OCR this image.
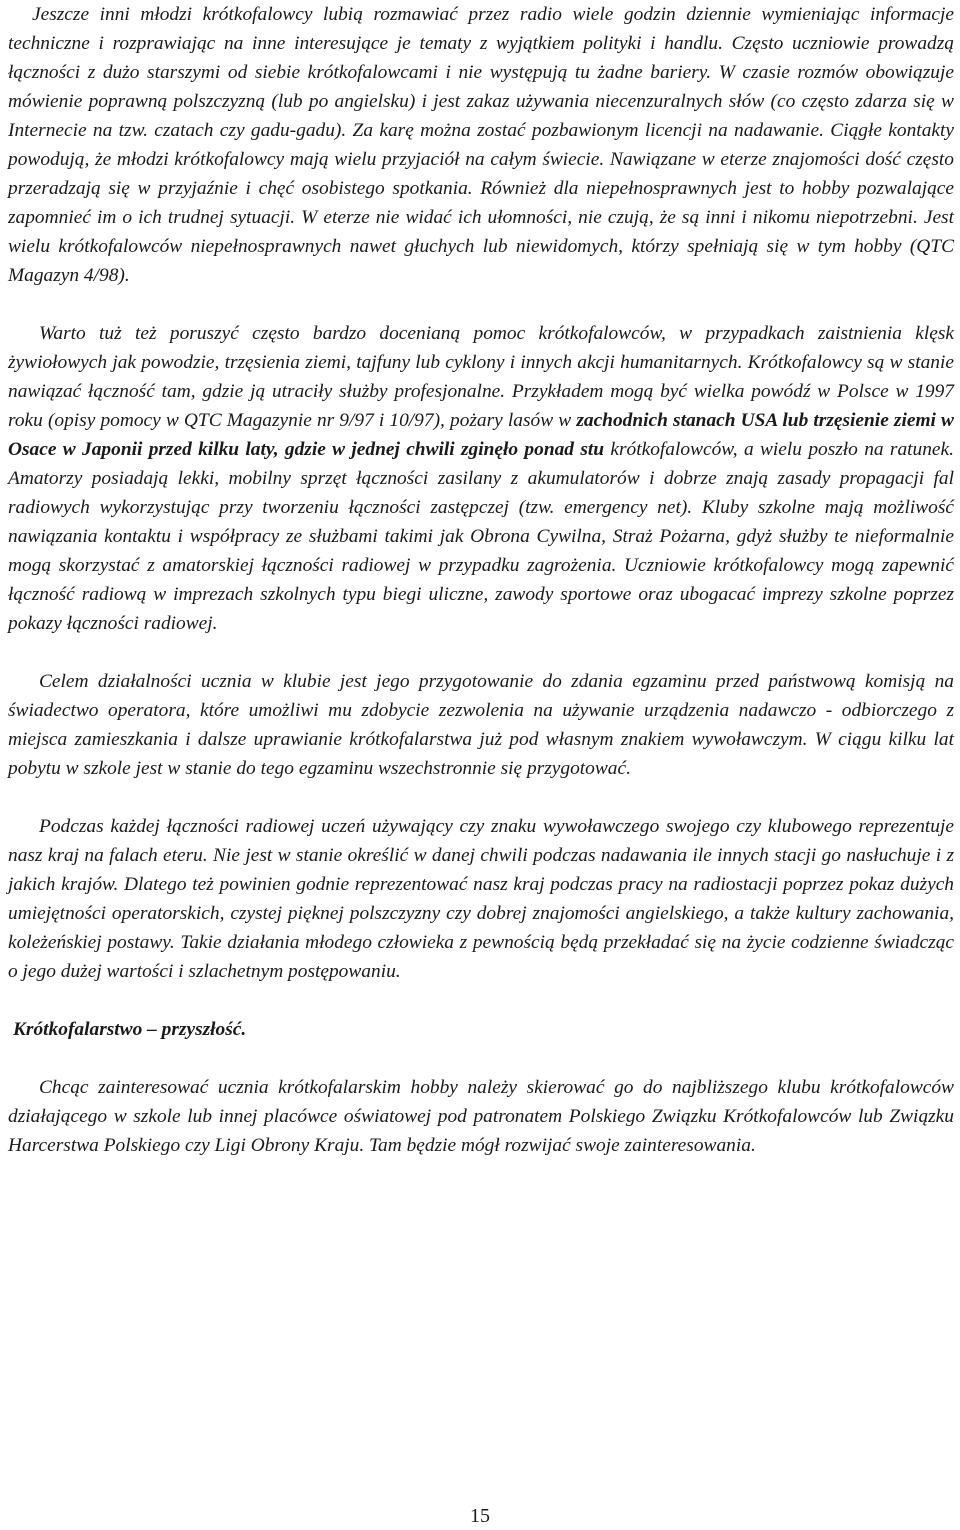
Jeszcze inni młodzi krótkofalowcy lubią rozmawiać przez radio wiele godzin dziennie wymieniając informacje techniczne i rozprawiając na inne interesujące je tematy z wyjątkiem polityki i handlu. Często uczniowie prowadzą łączności z dużo starszymi od siebie krótkofalowcami i nie występują tu żadne bariery. W czasie rozmów obowiązuje mówienie poprawną polszczyzną (lub po angielsku) i jest zakaz używania niecenzuralnych słów (co często zdarza się w Internecie na tzw. czatach czy gadu-gadu). Za karę można zostać pozbawionym licencji na nadawanie. Ciągłe kontakty powodują, że młodzi krótkofalowcy mają wielu przyjaciół na całym świecie. Nawiązane w eterze znajomości dość często przeradzają się w przyjaźnie i chęć osobistego spotkania. Również dla niepełnosprawnych jest to hobby pozwalające zapomnieć im o ich trudnej sytuacji. W eterze nie widać ich ułomności, nie czują, że są inni i nikomu niepotrzebni. Jest wielu krótkofalowców niepełnosprawnych nawet głuchych lub niewidomych, którzy spełniają się w tym hobby (QTC Magazyn 4/98).

Warto tuż też poruszyć często bardzo docenianą pomoc krótkofalowców, w przypadkach zaistnienia klęsk żywiołowych jak powodzie, trzęsienia ziemi, tajfuny lub cyklony i innych akcji humanitarnych. Krótkofalowcy są w stanie nawiązać łączność tam, gdzie ją utraciły służby profesjonalne. Przykładem mogą być wielka powódź w Polsce w 1997 roku (opisy pomocy w QTC Magazynie nr 9/97 i 10/97), pożary lasów w zachodnich stanach USA lub trzęsienie ziemi w Osace w Japonii przed kilku laty, gdzie w jednej chwili zginęło ponad stu krótkofalowców, a wielu poszło na ratunek. Amatorzy posiadają lekki, mobilny sprzęt łączności zasilany z akumulatorów i dobrze znają zasady propagacji fal radiowych wykorzystując przy tworzeniu łączności zastępczej (tzw. emergency net). Kluby szkolne mają możliwość nawiązania kontaktu i współpracy ze służbami takimi jak Obrona Cywilna, Straż Pożarna, gdyż służby te nieformalnie mogą skorzystać z amatorskiej łączności radiowej w przypadku zagrożenia. Uczniowie krótkofalowcy mogą zapewnić łączność radiową w imprezach szkolnych typu biegi uliczne, zawody sportowe oraz ubogacać imprezy szkolne poprzez pokazy łączności radiowej.

Celem działalności ucznia w klubie jest jego przygotowanie do zdania egzaminu przed państwową komisją na świadectwo operatora, które umożliwi mu zdobycie zezwolenia na używanie urządzenia nadawczo - odbiorczego z miejsca zamieszkania i dalsze uprawianie krótkofalarstwa już pod własnym znakiem wywoławczym. W ciągu kilku lat pobytu w szkole jest w stanie do tego egzaminu wszechstronnie się przygotować.

Podczas każdej łączności radiowej uczeń używający czy znaku wywoławczego swojego czy klubowego reprezentuje nasz kraj na falach eteru. Nie jest w stanie określić w danej chwili podczas nadawania ile innych stacji go nasłuchuje i z jakich krajów. Dlatego też powinien godnie reprezentować nasz kraj podczas pracy na radiostacji poprzez pokaz dużych umiejętności operatorskich, czystej pięknej polszczyzny czy dobrej znajomości angielskiego, a także kultury zachowania, koleżeńskiej postawy. Takie działania młodego człowieka z pewnością będą przekładać się na życie codzienne świadcząc o jego dużej wartości i szlachetnym postępowaniu.

Krótkofalarstwo – przyszłość.

Chcąc zainteresować ucznia krótkofalarskim hobby należy skierować go do najbliższego klubu krótkofalowców działającego w szkole lub innej placówce oświatowej pod patronatem Polskiego Związku Krótkofalowców lub Związku Harcerstwa Polskiego czy Ligi Obrony Kraju. Tam będzie mógł rozwijać swoje zainteresowania.

15
